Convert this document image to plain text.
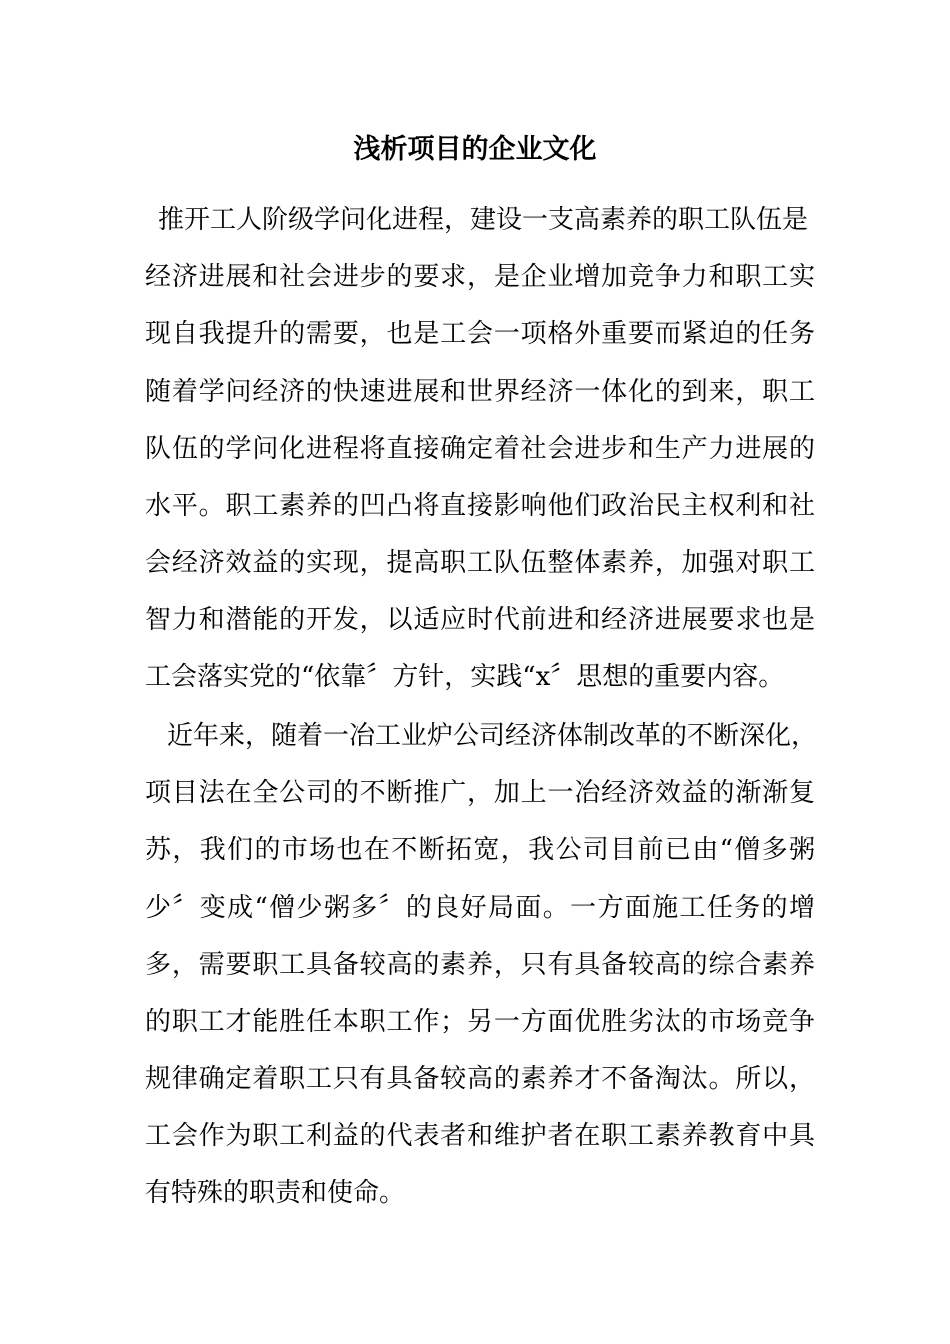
浅析项目的企业文化
推开工人阶级学问化进程，建设一支高素养的职工队伍是
经济进展和社会进步的要求，是企业增加竞争力和职工实
现自我提升的需要，也是工会一项格外重要而紧迫的任务
随着学问经济的快速进展和世界经济一体化的到来，职工
队伍的学问化进程将直接确定着社会进步和生产力进展的
水平。职工素养的凹凸将直接影响他们政治民主权利和社
会经济效益的实现，提高职工队伍整体素养，加强对职工
智力和潜能的开发，以适应时代前进和经济进展要求也是
工会落实党的“依靠〞方针，实践“x〞思想的重要内容。
近年来，随着一冶工业炉公司经济体制改革的不断深化，
项目法在全公司的不断推广，加上一冶经济效益的渐渐复
苏，我们的市场也在不断拓宽，我公司目前已由“僧多粥
少〞变成“僧少粥多〞的良好局面。一方面施工任务的增
多，需要职工具备较高的素养，只有具备较高的综合素养
的职工才能胜任本职工作；另一方面优胜劣汰的市场竞争
规律确定着职工只有具备较高的素养才不备淘汰。所以，
工会作为职工利益的代表者和维护者在职工素养教育中具
有特殊的职责和使命。
